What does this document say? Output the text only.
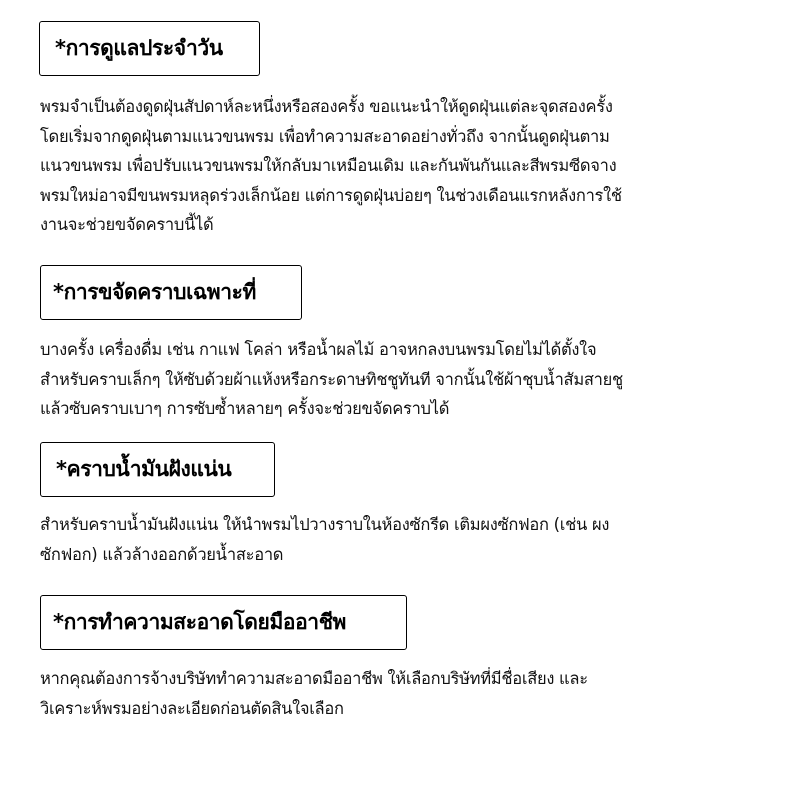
*การดูแลประจำวัน
พรมจำเป็นต้องดูดฝุ่นสัปดาห์ละหนึ่งหรือสองครั้ง ขอแนะนำให้ดูดฝุ่นแต่ละจุดสองครั้ง
โดยเริ่มจากดูดฝุ่นตามแนวขนพรม เพื่อทำความสะอาดอย่างทั่วถึง จากนั้นดูดฝุ่นตาม
แนวขนพรม เพื่อปรับแนวขนพรมให้กลับมาเหมือนเดิม และกันพันกันและสีพรมซีดจาง
พรมใหม่อาจมีขนพรมหลุดร่วงเล็กน้อย แต่การดูดฝุ่นบ่อยๆ ในช่วงเดือนแรกหลังการใช้
งานจะช่วยขจัดคราบนี้ได้
*การขจัดคราบเฉพาะที่
บางครั้ง เครื่องดื่ม เช่น กาแฟ โคล่า หรือน้ำผลไม้ อาจหกลงบนพรมโดยไม่ได้ตั้งใจ
สำหรับคราบเล็กๆ ให้ซับด้วยผ้าแห้งหรือกระดาษทิชชูทันที จากนั้นใช้ผ้าชุบน้ำสัมสายชู
แล้วซับคราบเบาๆ การซับซ้ำหลายๆ ครั้งจะช่วยขจัดคราบได้
*คราบน้ำมันฝังแน่น
สำหรับคราบน้ำมันฝังแน่น ให้นำพรมไปวางราบในห้องซักรีด เติมผงซักฟอก (เช่น ผง
ซักฟอก) แล้วล้างออกด้วยน้ำสะอาด
*การทำความสะอาดโดยมืออาชีพ
หากคุณต้องการจ้างบริษัททำความสะอาดมืออาชีพ ให้เลือกบริษัทที่มีชื่อเสียง และ
วิเคราะห์พรมอย่างละเอียดก่อนตัดสินใจเลือก
